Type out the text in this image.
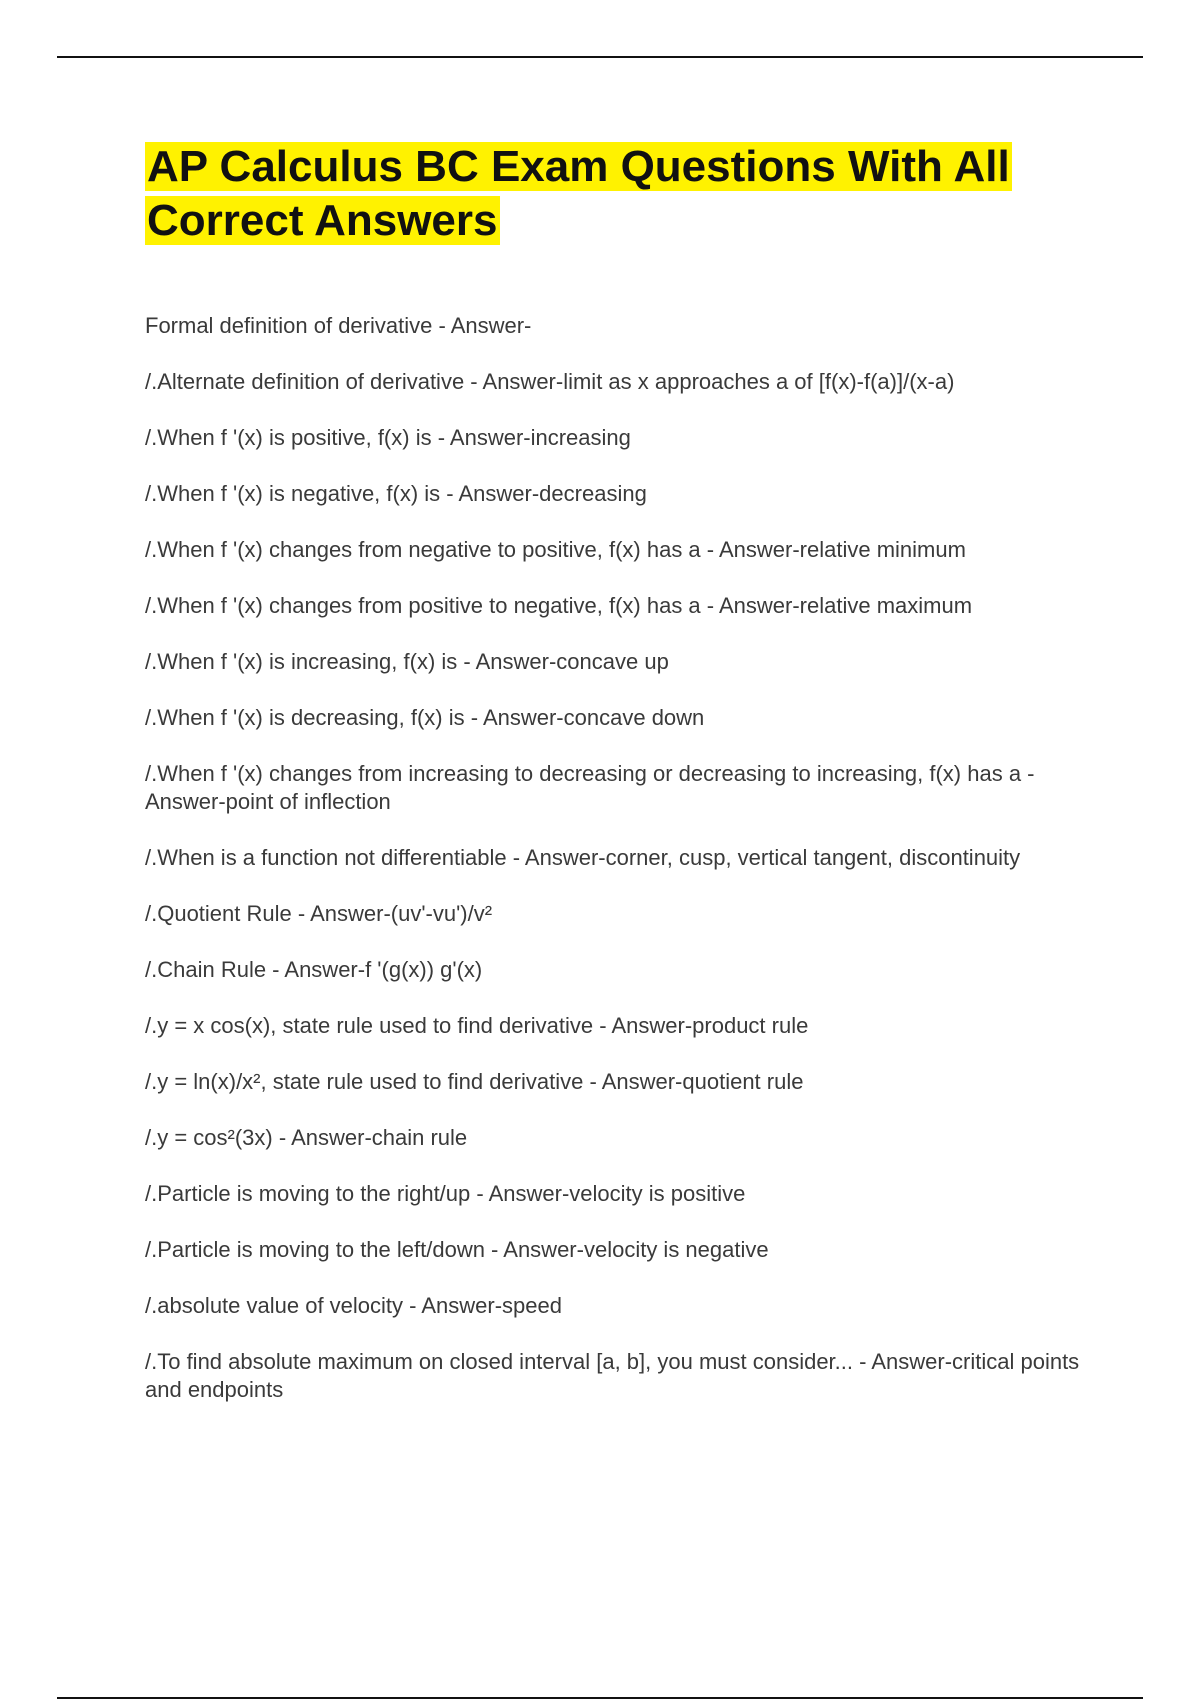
AP Calculus BC Exam Questions With All Correct Answers
Formal definition of derivative - Answer-
/.Alternate definition of derivative - Answer-limit as x approaches a of [f(x)-f(a)]/(x-a)
/.When f '(x) is positive, f(x) is - Answer-increasing
/.When f '(x) is negative, f(x) is - Answer-decreasing
/.When f '(x) changes from negative to positive, f(x) has a - Answer-relative minimum
/.When f '(x) changes from positive to negative, f(x) has a - Answer-relative maximum
/.When f '(x) is increasing, f(x) is - Answer-concave up
/.When f '(x) is decreasing, f(x) is - Answer-concave down
/.When f '(x) changes from increasing to decreasing or decreasing to increasing, f(x) has a - Answer-point of inflection
/.When is a function not differentiable - Answer-corner, cusp, vertical tangent, discontinuity
/.Quotient Rule - Answer-(uv'-vu')/v²
/.Chain Rule - Answer-f '(g(x)) g'(x)
/.y = x cos(x), state rule used to find derivative - Answer-product rule
/.y = ln(x)/x², state rule used to find derivative - Answer-quotient rule
/.y = cos²(3x) - Answer-chain rule
/.Particle is moving to the right/up - Answer-velocity is positive
/.Particle is moving to the left/down - Answer-velocity is negative
/.absolute value of velocity - Answer-speed
/.To find absolute maximum on closed interval [a, b], you must consider... - Answer-critical points and endpoints
